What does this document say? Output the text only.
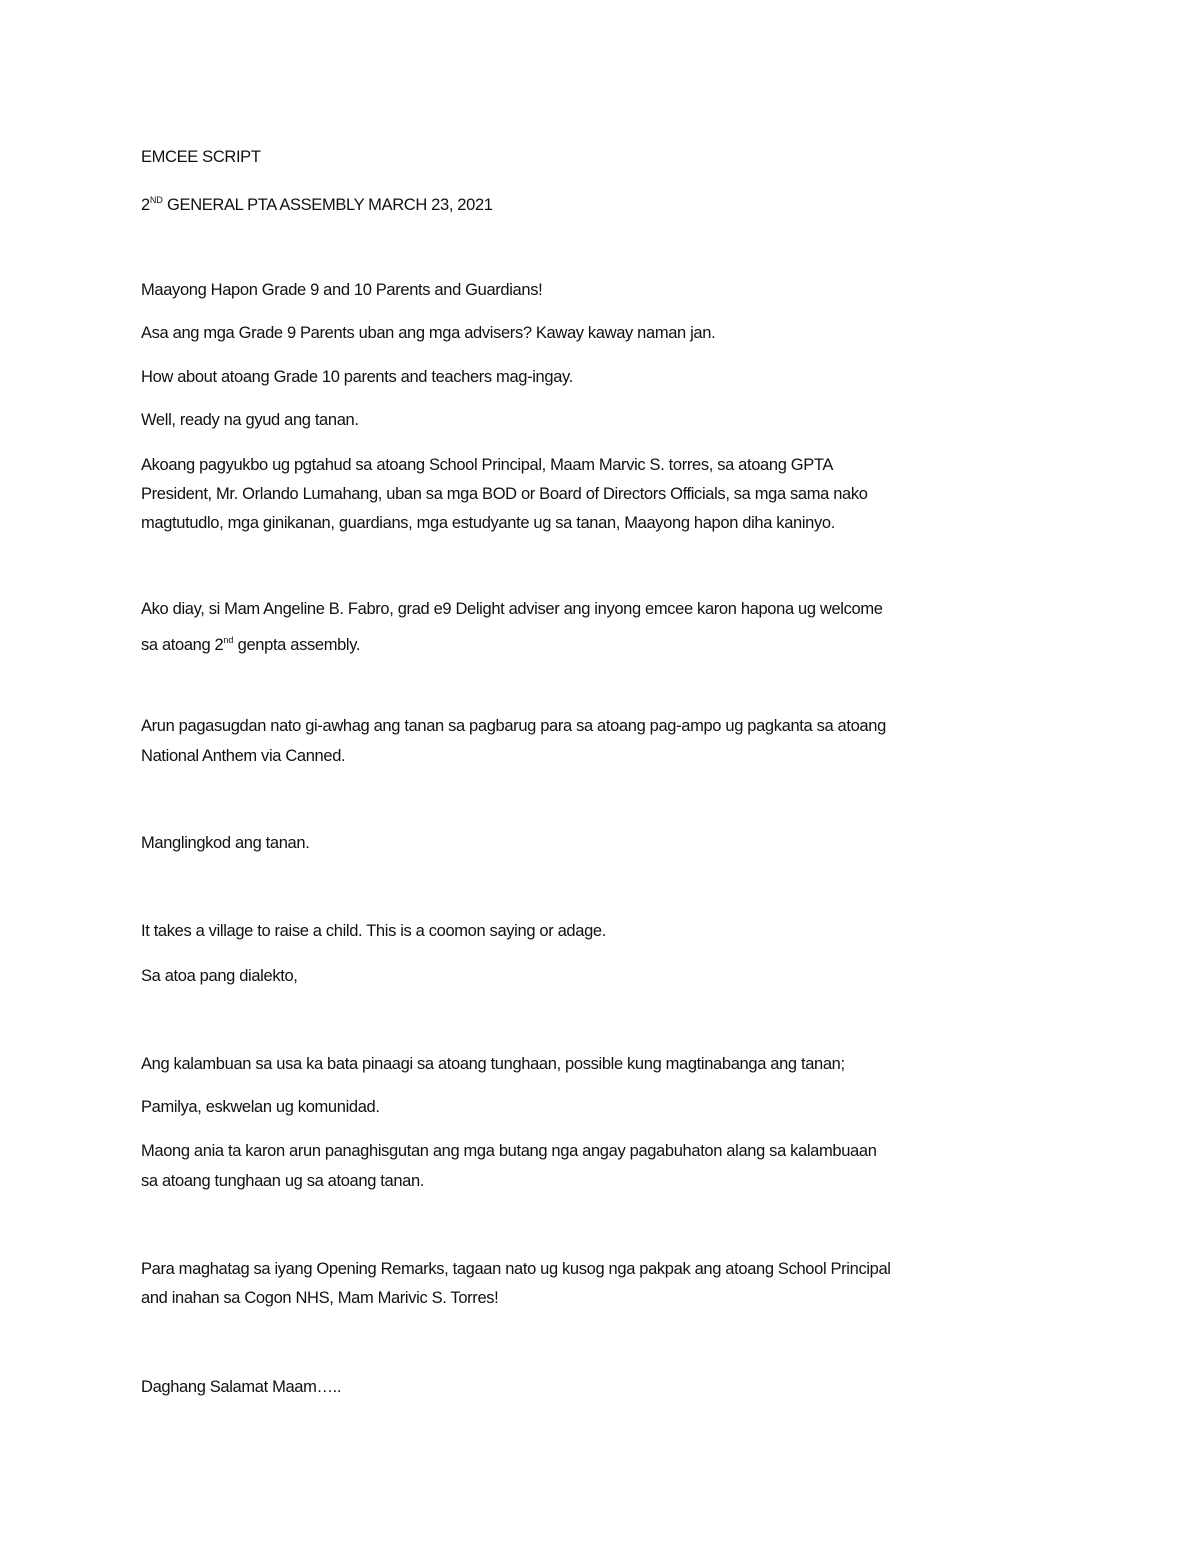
EMCEE SCRIPT
2ND GENERAL PTA ASSEMBLY MARCH 23, 2021
Maayong Hapon Grade 9 and 10 Parents and Guardians!
Asa ang mga Grade 9 Parents uban ang mga advisers? Kaway kaway naman jan.
How about atoang Grade 10 parents and teachers mag-ingay.
Well, ready na gyud ang tanan.
Akoang pagyukbo ug pgtahud sa atoang School Principal, Maam Marvic S. torres, sa atoang GPTA
President, Mr. Orlando Lumahang, uban sa mga BOD or Board of Directors Officials, sa mga sama nako
magtutudlo, mga ginikanan, guardians, mga estudyante ug sa tanan, Maayong hapon diha kaninyo.
Ako diay, si Mam Angeline B. Fabro, grad e9 Delight adviser ang inyong emcee karon hapona ug welcome
sa atoang 2nd genpta assembly.
Arun pagasugdan nato gi-awhag ang tanan sa pagbarug para sa atoang pag-ampo ug pagkanta sa atoang
National Anthem via Canned.
Manglingkod ang tanan.
It takes a village to raise a child. This is a coomon saying or adage.
Sa atoa pang dialekto,
Ang kalambuan sa usa ka bata pinaagi sa atoang tunghaan, possible kung magtinabanga ang tanan;
Pamilya, eskwelan ug komunidad.
Maong ania ta karon arun panaghisgutan ang mga butang nga angay pagabuhaton alang sa kalambuaan
sa atoang tunghaan ug sa atoang tanan.
Para maghatag sa iyang Opening Remarks, tagaan nato ug kusog nga pakpak ang atoang School Principal
and inahan sa Cogon NHS, Mam Marivic S. Torres!
Daghang Salamat Maam…..
